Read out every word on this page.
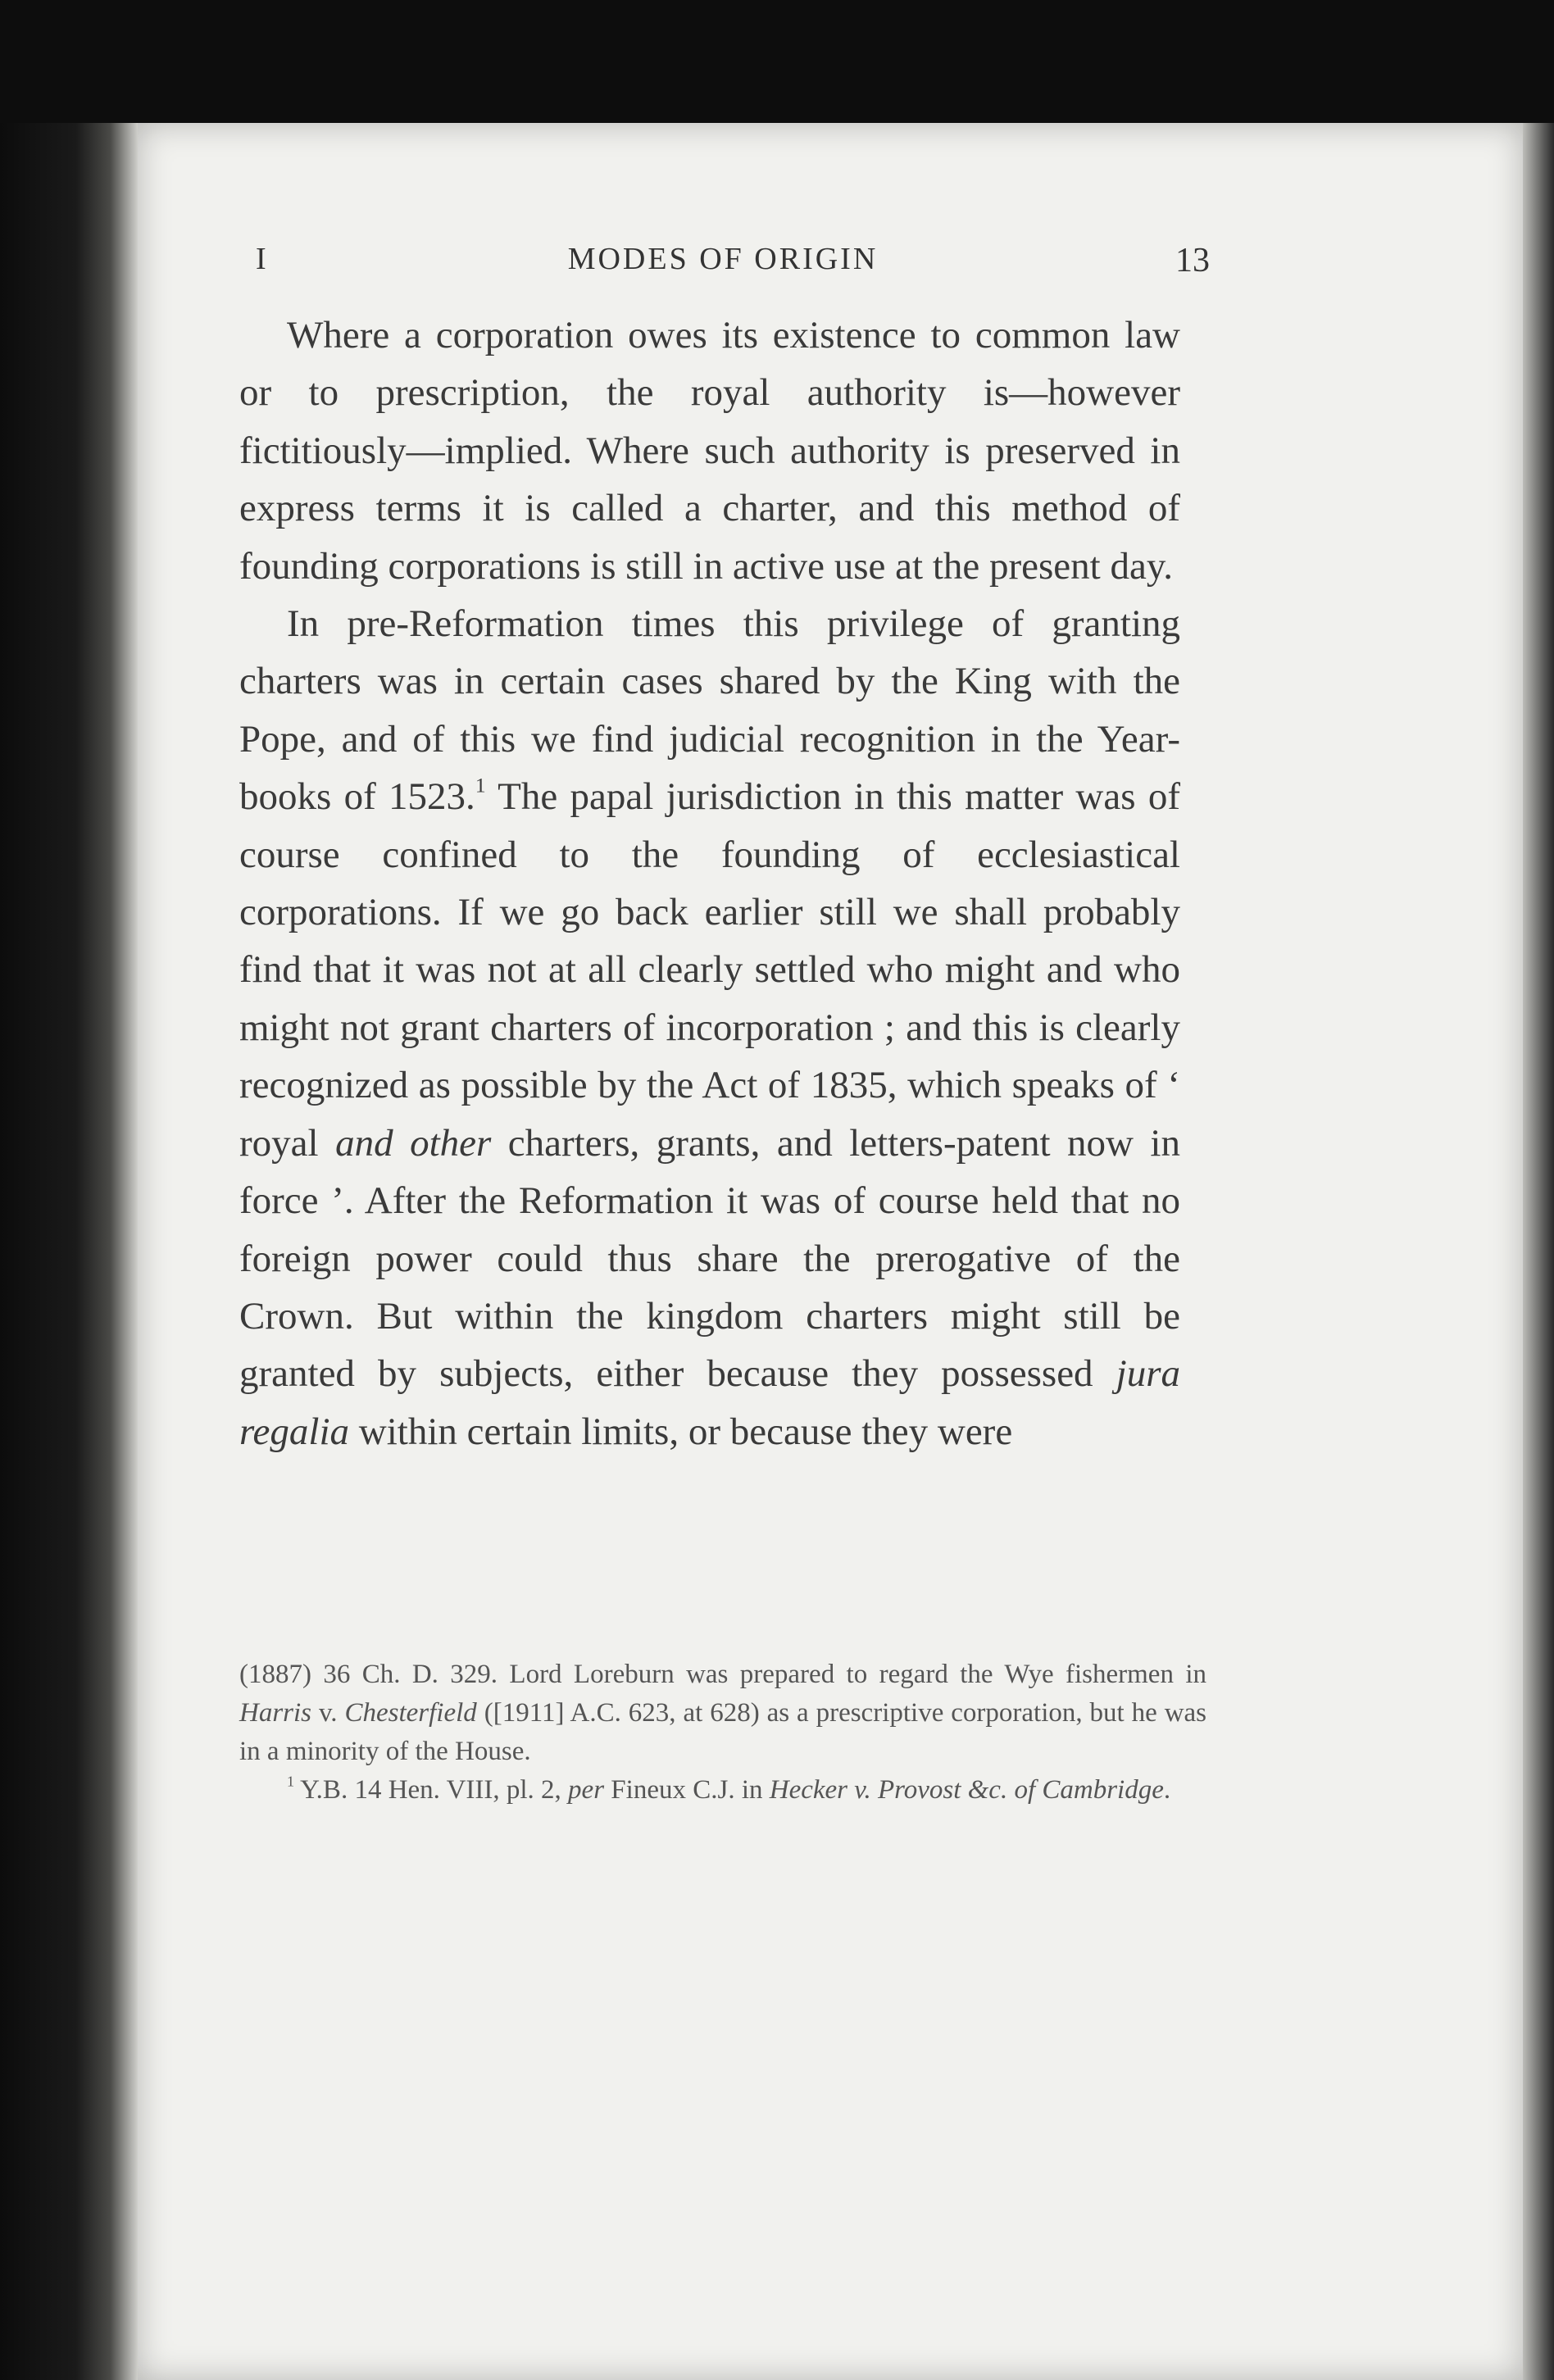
I	MODES OF ORIGIN	13

Where a corporation owes its existence to common law or to prescription, the royal authority is—however fictitiously—implied. Where such authority is preserved in express terms it is called a charter, and this method of founding corporations is still in active use at the present day.

In pre-Reformation times this privilege of granting charters was in certain cases shared by the King with the Pope, and of this we find judicial recognition in the Year-books of 1523.$^1$ The papal jurisdiction in this matter was of course confined to the founding of ecclesiastical corporations. If we go back earlier still we shall probably find that it was not at all clearly settled who might and who might not grant charters of incorporation ; and this is clearly recognized as possible by the Act of 1835, which speaks of ‘ royal and other charters, grants, and letters-patent now in force ’. After the Reformation it was of course held that no foreign power could thus share the prerogative of the Crown. But within the kingdom charters might still be granted by subjects, either because they possessed jura regalia within certain limits, or because they were

(1887) 36 Ch. D. 329. Lord Loreburn was prepared to regard the Wye fishermen in Harris v. Chesterfield ([1911] A.C. 623, at 628) as a prescriptive corporation, but he was in a minority of the House.

$^1$ Y.B. 14 Hen. VIII, pl. 2, per Fineux C.J. in Hecker v. Provost &c. of Cambridge.
